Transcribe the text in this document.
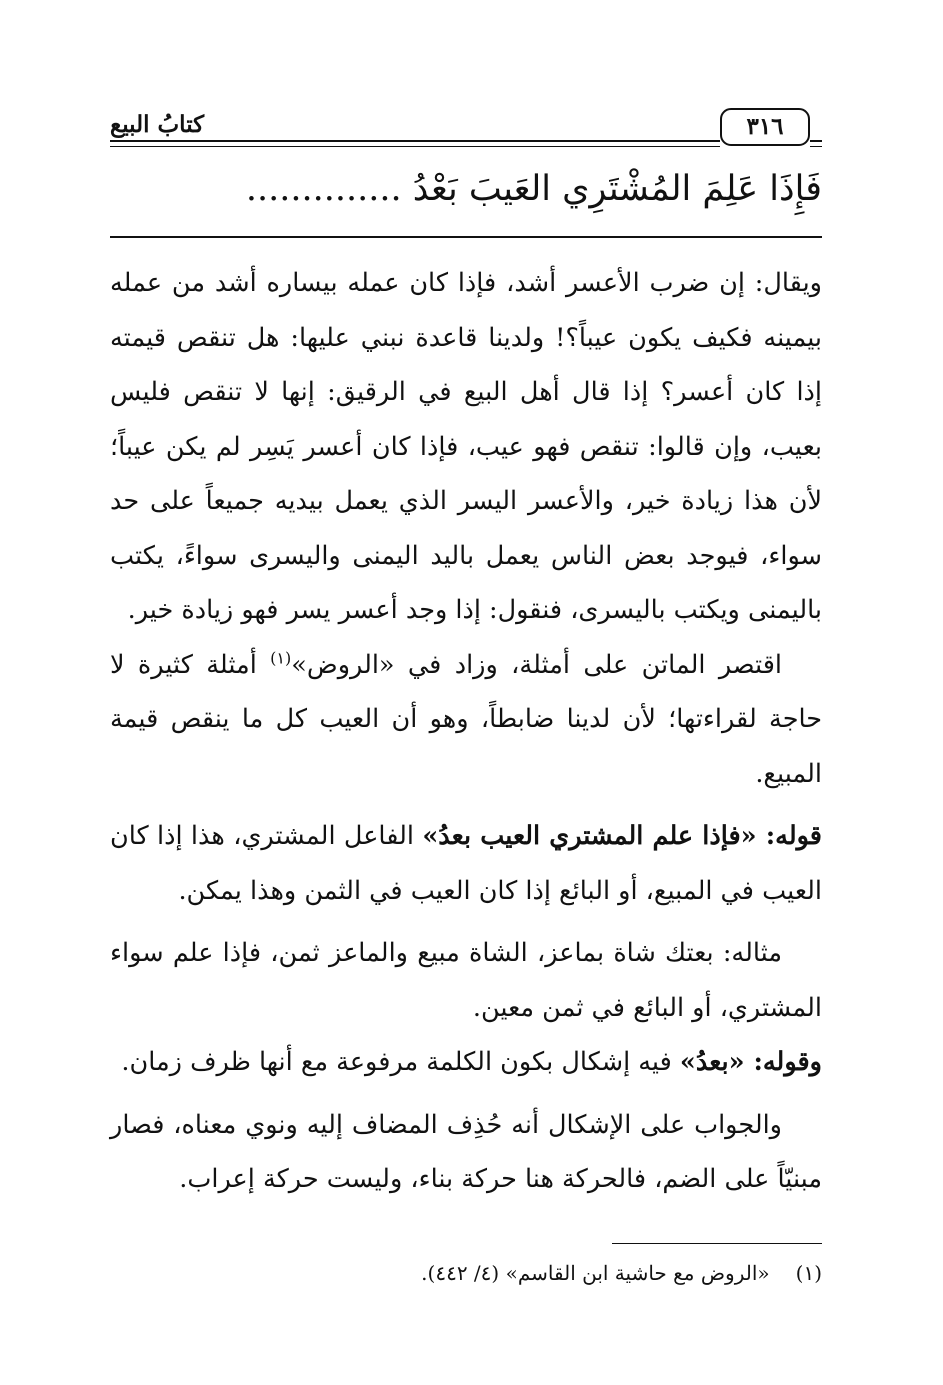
كتابُ البيع	٣١٦
فَإِذَا عَلِمَ المُشْتَرِي العَيبَ بَعْدُ ..............

ويقال: إن ضرب الأعسر أشد، فإذا كان عمله بيساره أشد من عمله بيمينه فكيف يكون عيباً؟! ولدينا قاعدة نبني عليها: هل تنقص قيمته إذا كان أعسر؟ إذا قال أهل البيع في الرقيق: إنها لا تنقص فليس بعيب، وإن قالوا: تنقص فهو عيب، فإذا كان أعسر يَسِر لم يكن عيباً؛ لأن هذا زيادة خير، والأعسر اليسر الذي يعمل بيديه جميعاً على حد سواء، فيوجد بعض الناس يعمل باليد اليمنى واليسرى سواءً، يكتب باليمنى ويكتب باليسرى، فنقول: إذا وجد أعسر يسر فهو زيادة خير.

اقتصر الماتن على أمثلة، وزاد في «الروض»$^{(١)}$ أمثلة كثيرة لا حاجة لقراءتها؛ لأن لدينا ضابطاً، وهو أن العيب كل ما ينقص قيمة المبيع.

قوله: «فإذا علم المشتري العيب بعدُ» الفاعل المشتري، هذا إذا كان العيب في المبيع، أو البائع إذا كان العيب في الثمن وهذا يمكن.

مثاله: بعتك شاة بماعز، الشاة مبيع والماعز ثمن، فإذا علم سواء المشتري، أو البائع في ثمن معين.

وقوله: «بعدُ» فيه إشكال بكون الكلمة مرفوعة مع أنها ظرف زمان.

والجواب على الإشكال أنه حُذِف المضاف إليه ونوي معناه، فصار مبنيّاً على الضم، فالحركة هنا حركة بناء، وليست حركة إعراب.

(١)«الروض مع حاشية ابن القاسم» (٤/ ٤٤٢).
